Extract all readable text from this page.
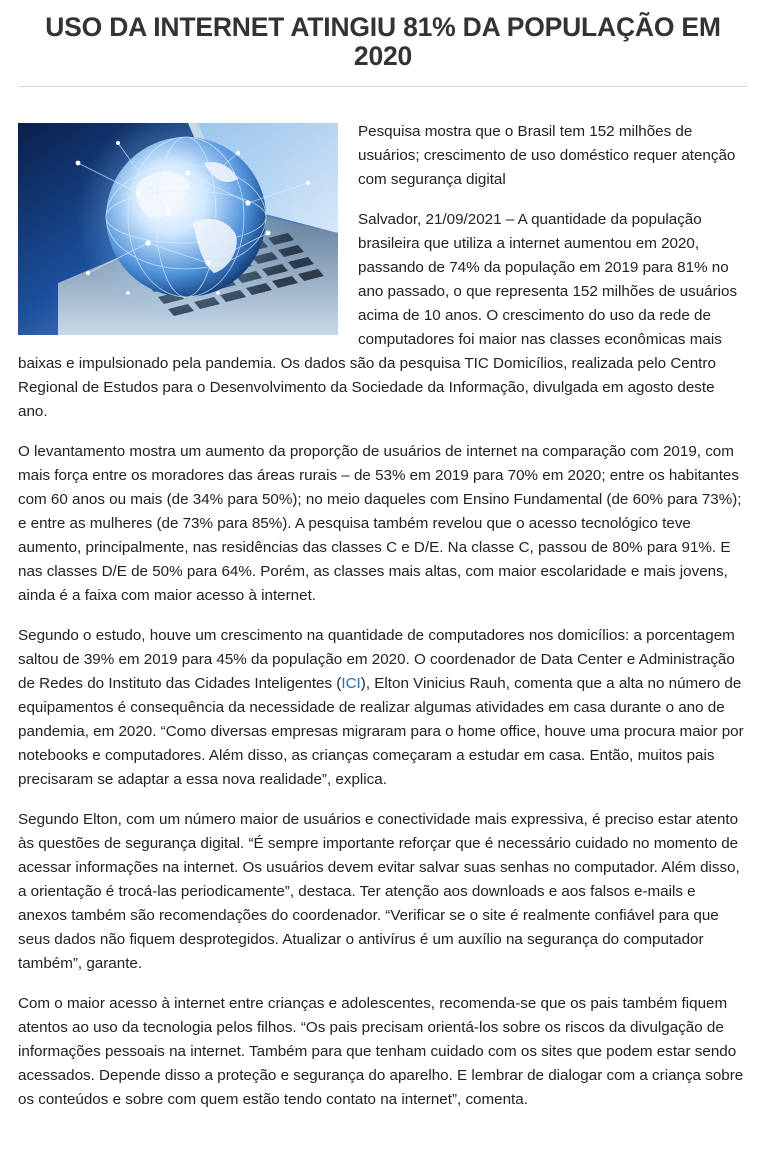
USO DA INTERNET ATINGIU 81% DA POPULAÇÃO EM 2020

Pesquisa mostra que o Brasil tem 152 milhões de usuários; crescimento de uso doméstico requer atenção com segurança digital

Salvador, 21/09/2021 – A quantidade da população brasileira que utiliza a internet aumentou em 2020, passando de 74% da população em 2019 para 81% no ano passado, o que representa 152 milhões de usuários acima de 10 anos. O crescimento do uso da rede de computadores foi maior nas classes econômicas mais baixas e impulsionado pela pandemia. Os dados são da pesquisa TIC Domicílios, realizada pelo Centro Regional de Estudos para o Desenvolvimento da Sociedade da Informação, divulgada em agosto deste ano.

O levantamento mostra um aumento da proporção de usuários de internet na comparação com 2019, com mais força entre os moradores das áreas rurais – de 53% em 2019 para 70% em 2020; entre os habitantes com 60 anos ou mais (de 34% para 50%); no meio daqueles com Ensino Fundamental (de 60% para 73%); e entre as mulheres (de 73% para 85%). A pesquisa também revelou que o acesso tecnológico teve aumento, principalmente, nas residências das classes C e D/E. Na classe C, passou de 80% para 91%. E nas classes D/E de 50% para 64%. Porém, as classes mais altas, com maior escolaridade e mais jovens, ainda é a faixa com maior acesso à internet.

Segundo o estudo, houve um crescimento na quantidade de computadores nos domicílios: a porcentagem saltou de 39% em 2019 para 45% da população em 2020. O coordenador de Data Center e Administração de Redes do Instituto das Cidades Inteligentes (ICI), Elton Vinicius Rauh, comenta que a alta no número de equipamentos é consequência da necessidade de realizar algumas atividades em casa durante o ano de pandemia, em 2020. “Como diversas empresas migraram para o home office, houve uma procura maior por notebooks e computadores. Além disso, as crianças começaram a estudar em casa. Então, muitos pais precisaram se adaptar a essa nova realidade”, explica.

Segundo Elton, com um número maior de usuários e conectividade mais expressiva, é preciso estar atento às questões de segurança digital. “É sempre importante reforçar que é necessário cuidado no momento de acessar informações na internet. Os usuários devem evitar salvar suas senhas no computador. Além disso, a orientação é trocá-las periodicamente”, destaca. Ter atenção aos downloads e aos falsos e-mails e anexos também são recomendações do coordenador. “Verificar se o site é realmente confiável para que seus dados não fiquem desprotegidos. Atualizar o antivírus é um auxílio na segurança do computador também”, garante.

Com o maior acesso à internet entre crianças e adolescentes, recomenda-se que os pais também fiquem atentos ao uso da tecnologia pelos filhos. “Os pais precisam orientá-los sobre os riscos da divulgação de informações pessoais na internet. Também para que tenham cuidado com os sites que podem estar sendo acessados. Depende disso a proteção e segurança do aparelho. E lembrar de dialogar com a criança sobre os conteúdos e sobre com quem estão tendo contato na internet”, comenta.
